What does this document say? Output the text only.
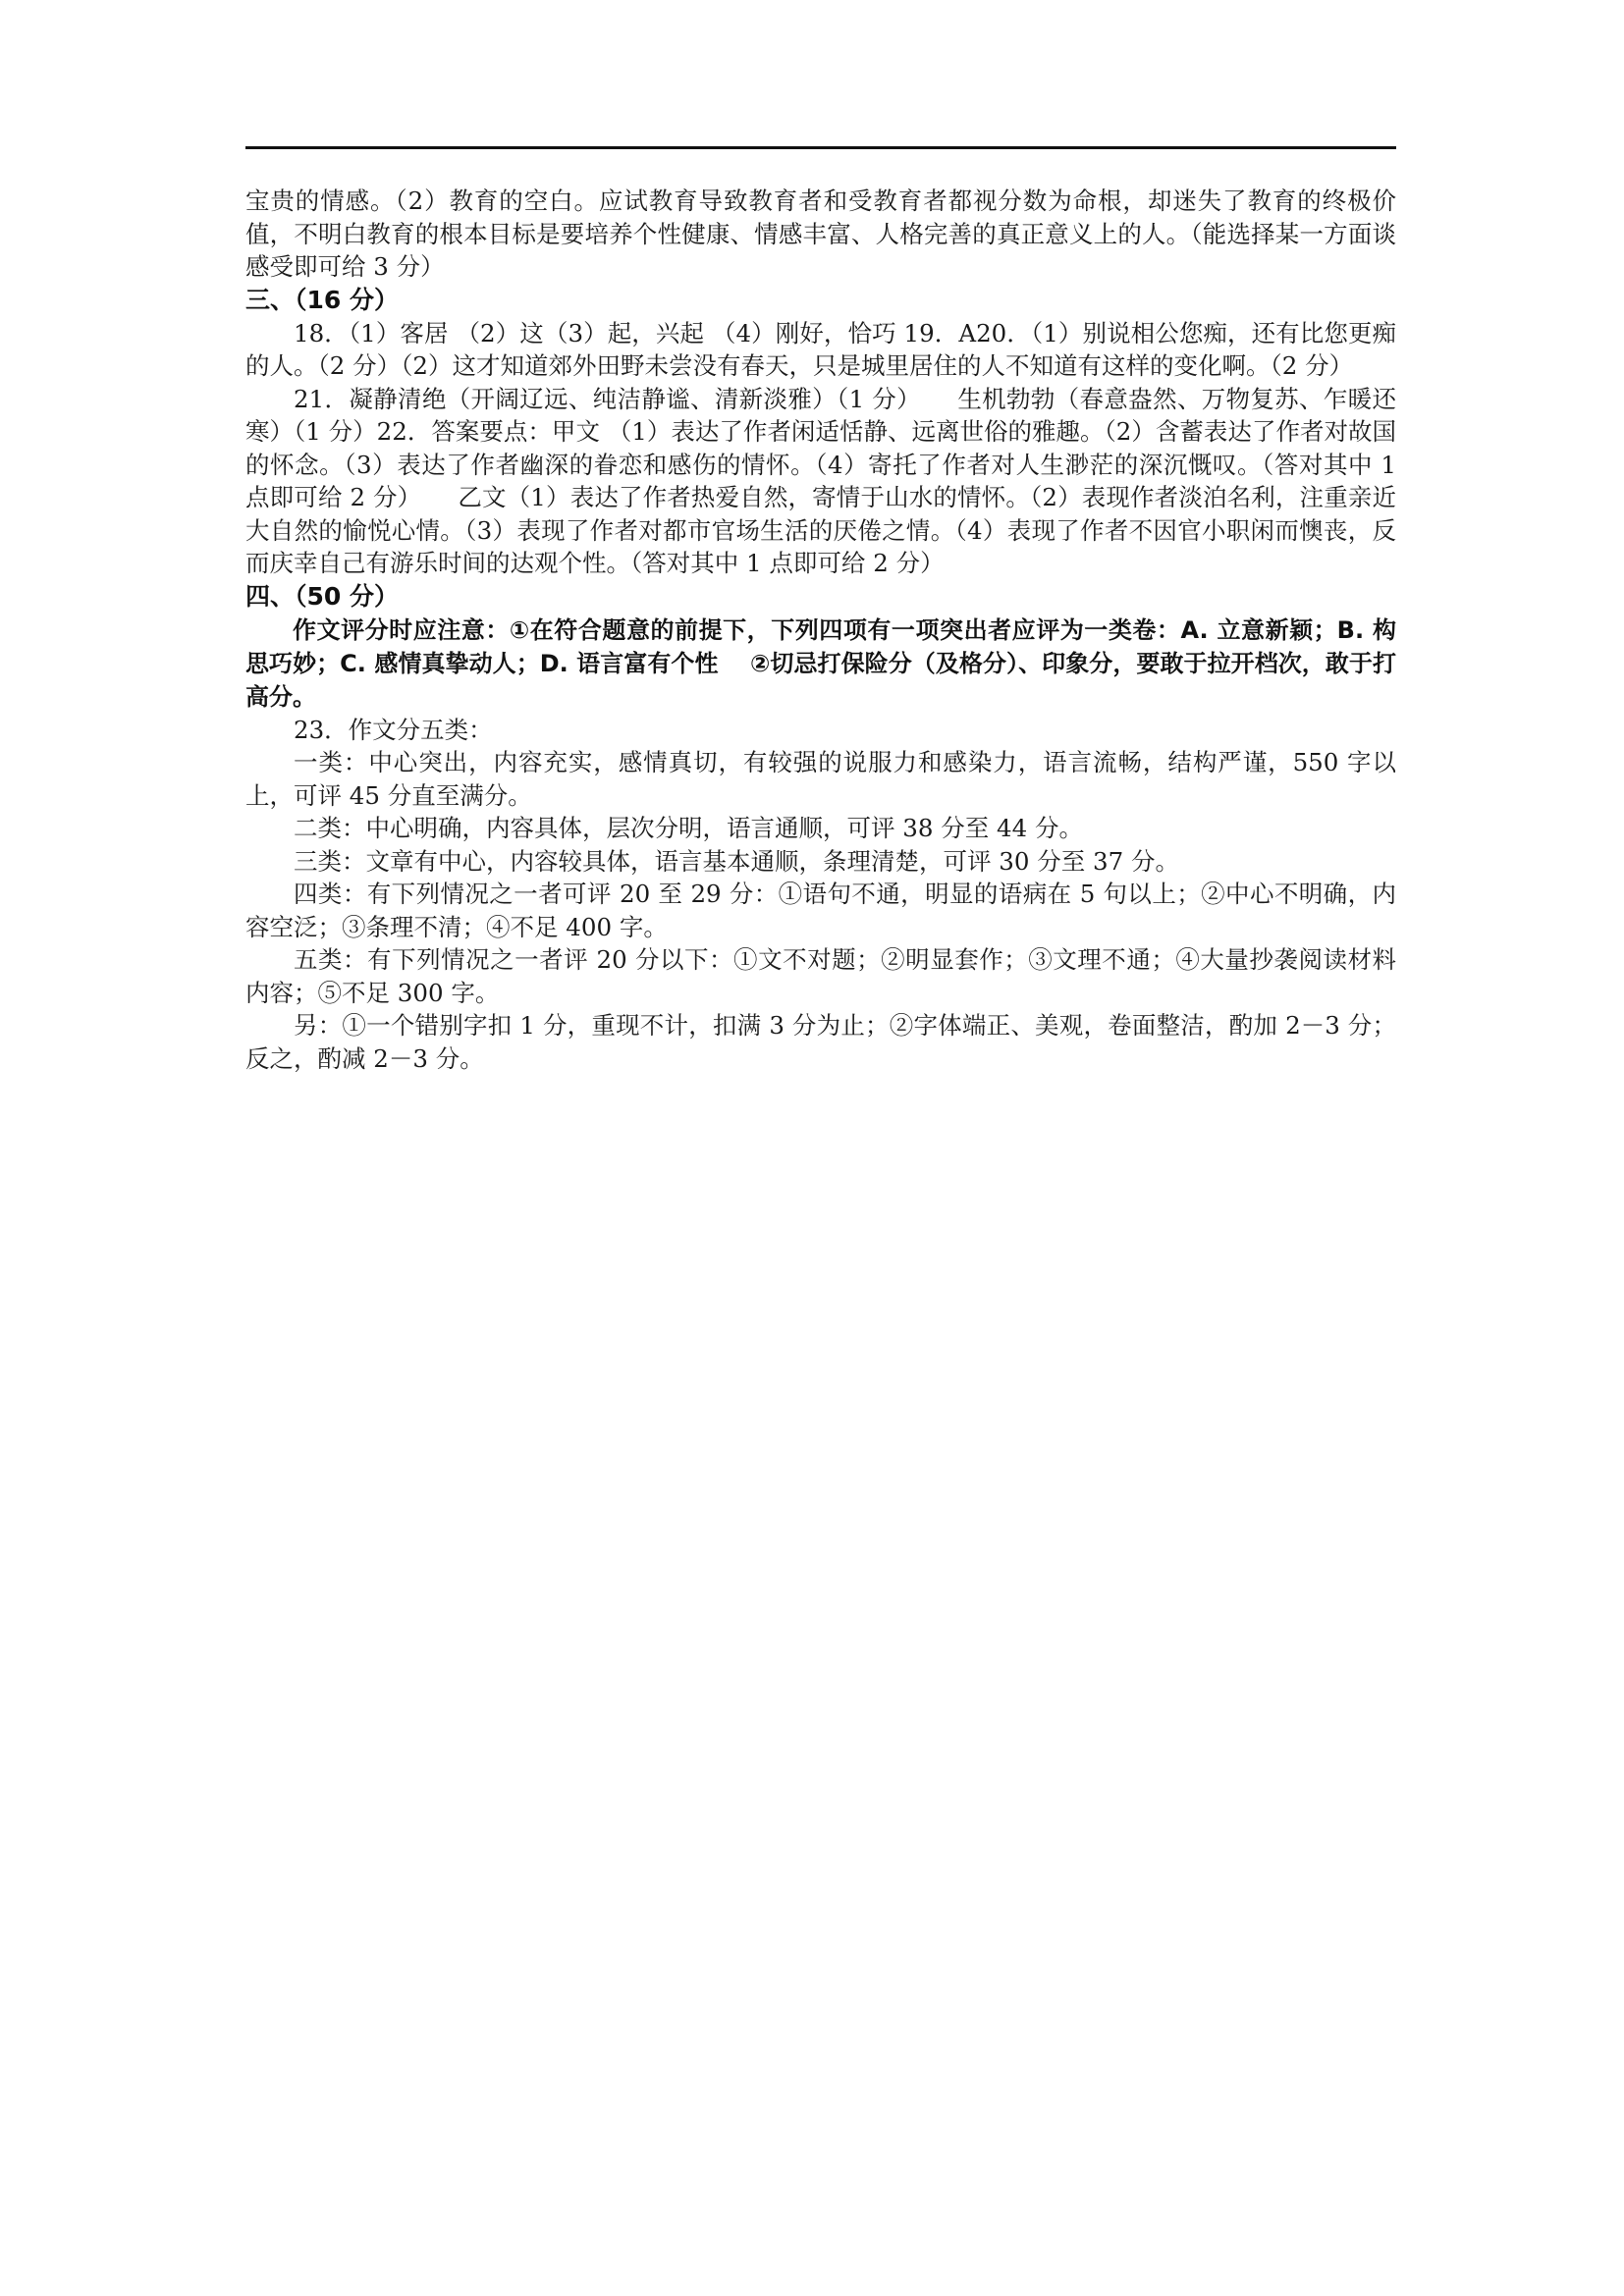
宝贵的情感。（2）教育的空白。应试教育导致教育者和受教育者都视分数为命根，却迷失了教育的终极价值，不明白教育的根本目标是要培养个性健康、情感丰富、人格完善的真正意义上的人。（能选择某一方面谈感受即可给 3 分）

三、（16 分）

18．（1）客居 （2）这（3）起，兴起 （4）刚好，恰巧 19．A20．（1）别说相公您痴，还有比您更痴的人。（2 分）（2）这才知道郊外田野未尝没有春天，只是城里居住的人不知道有这样的变化啊。（2 分）

21．凝静清绝（开阔辽远、纯洁静谧、清新淡雅）（1 分）　　生机勃勃（春意盎然、万物复苏、乍暖还寒）（1 分）22．答案要点：甲文 （1）表达了作者闲适恬静、远离世俗的雅趣。（2）含蓄表达了作者对故国的怀念。（3）表达了作者幽深的眷恋和感伤的情怀。（4）寄托了作者对人生渺茫的深沉慨叹。（答对其中 1 点即可给 2 分）　　乙文（1）表达了作者热爱自然，寄情于山水的情怀。（2）表现作者淡泊名利，注重亲近大自然的愉悦心情。（3）表现了作者对都市官场生活的厌倦之情。（4）表现了作者不因官小职闲而懊丧，反而庆幸自己有游乐时间的达观个性。（答对其中 1 点即可给 2 分）

四、（50 分）

作文评分时应注意：①在符合题意的前提下，下列四项有一项突出者应评为一类卷：A. 立意新颖；B. 构思巧妙；C. 感情真挚动人；D. 语言富有个性　 ②切忌打保险分（及格分）、印象分，要敢于拉开档次，敢于打高分。

23．作文分五类：

一类：中心突出，内容充实，感情真切，有较强的说服力和感染力，语言流畅，结构严谨，550 字以上，可评 45 分直至满分。

二类：中心明确，内容具体，层次分明，语言通顺，可评 38 分至 44 分。

三类：文章有中心，内容较具体，语言基本通顺，条理清楚，可评 30 分至 37 分。

四类：有下列情况之一者可评 20 至 29 分：①语句不通，明显的语病在 5 句以上；②中心不明确，内容空泛；③条理不清；④不足 400 字。

五类：有下列情况之一者评 20 分以下：①文不对题；②明显套作；③文理不通；④大量抄袭阅读材料内容；⑤不足 300 字。

另：①一个错别字扣 1 分，重现不计，扣满 3 分为止；②字体端正、美观，卷面整洁，酌加 2－3 分；反之，酌减 2－3 分。
